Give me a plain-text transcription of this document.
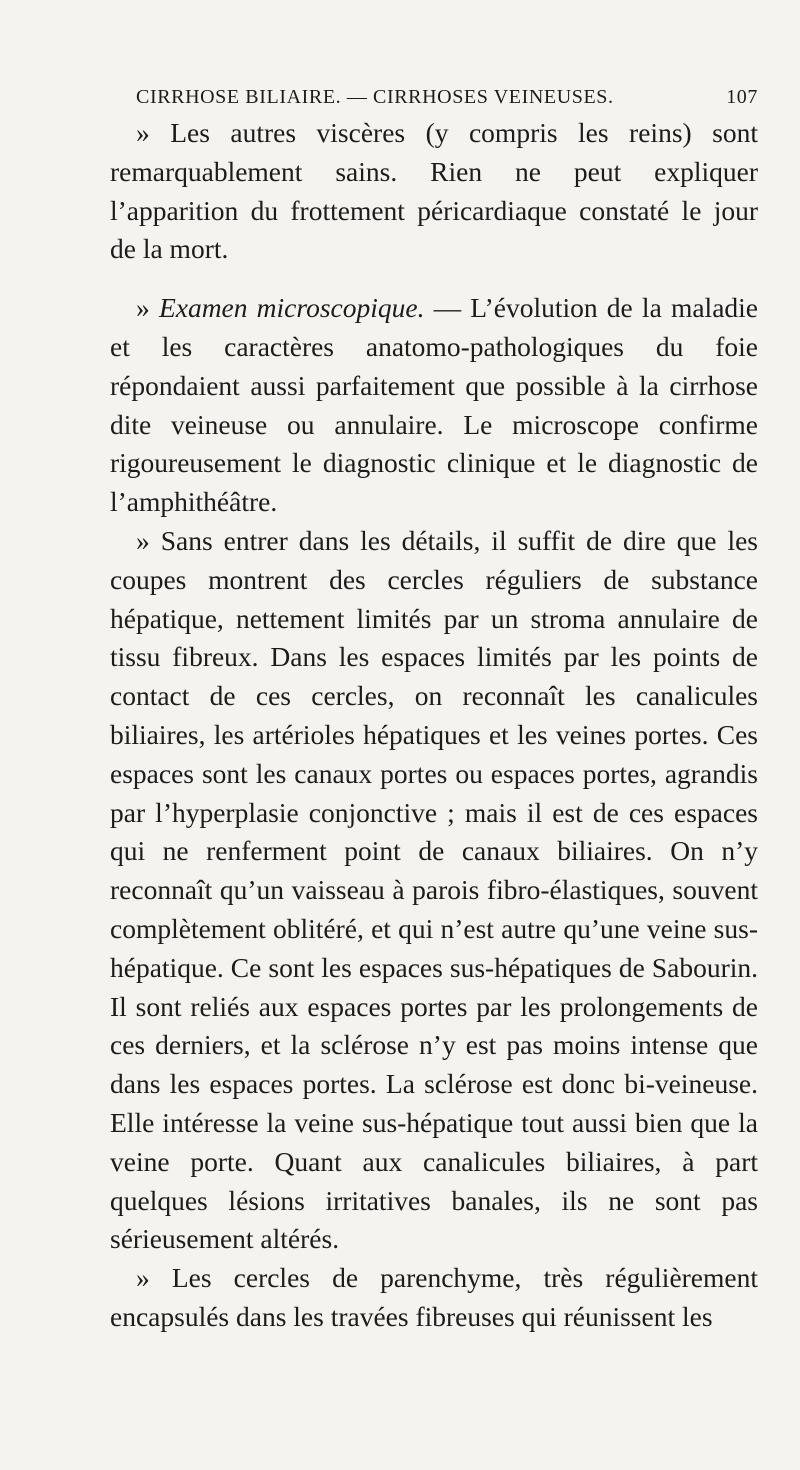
CIRRHOSE BILIAIRE. — CIRRHOSES VEINEUSES.	107

» Les autres viscères (y compris les reins) sont remarquablement sains. Rien ne peut expliquer l’apparition du frottement péricardiaque constaté le jour de la mort.

» Examen microscopique. — L’évolution de la maladie et les caractères anatomo-pathologiques du foie répondaient aussi parfaitement que possible à la cirrhose dite veineuse ou annulaire. Le microscope confirme rigoureusement le diagnostic clinique et le diagnostic de l’amphithéâtre.

» Sans entrer dans les détails, il suffit de dire que les coupes montrent des cercles réguliers de substance hépatique, nettement limités par un stroma annulaire de tissu fibreux. Dans les espaces limités par les points de contact de ces cercles, on reconnaît les canalicules biliaires, les artérioles hépatiques et les veines portes. Ces espaces sont les canaux portes ou espaces portes, agrandis par l’hyperplasie conjonctive ; mais il est de ces espaces qui ne renferment point de canaux biliaires. On n’y reconnaît qu’un vaisseau à parois fibro-élastiques, souvent complètement oblitéré, et qui n’est autre qu’une veine sus-hépatique. Ce sont les espaces sus-hépatiques de Sabourin. Il sont reliés aux espaces portes par les prolongements de ces derniers, et la sclérose n’y est pas moins intense que dans les espaces portes. La sclérose est donc bi-veineuse. Elle intéresse la veine sus-hépatique tout aussi bien que la veine porte. Quant aux canalicules biliaires, à part quelques lésions irritatives banales, ils ne sont pas sérieusement altérés.

» Les cercles de parenchyme, très régulièrement encapsulés dans les travées fibreuses qui réunissent les
